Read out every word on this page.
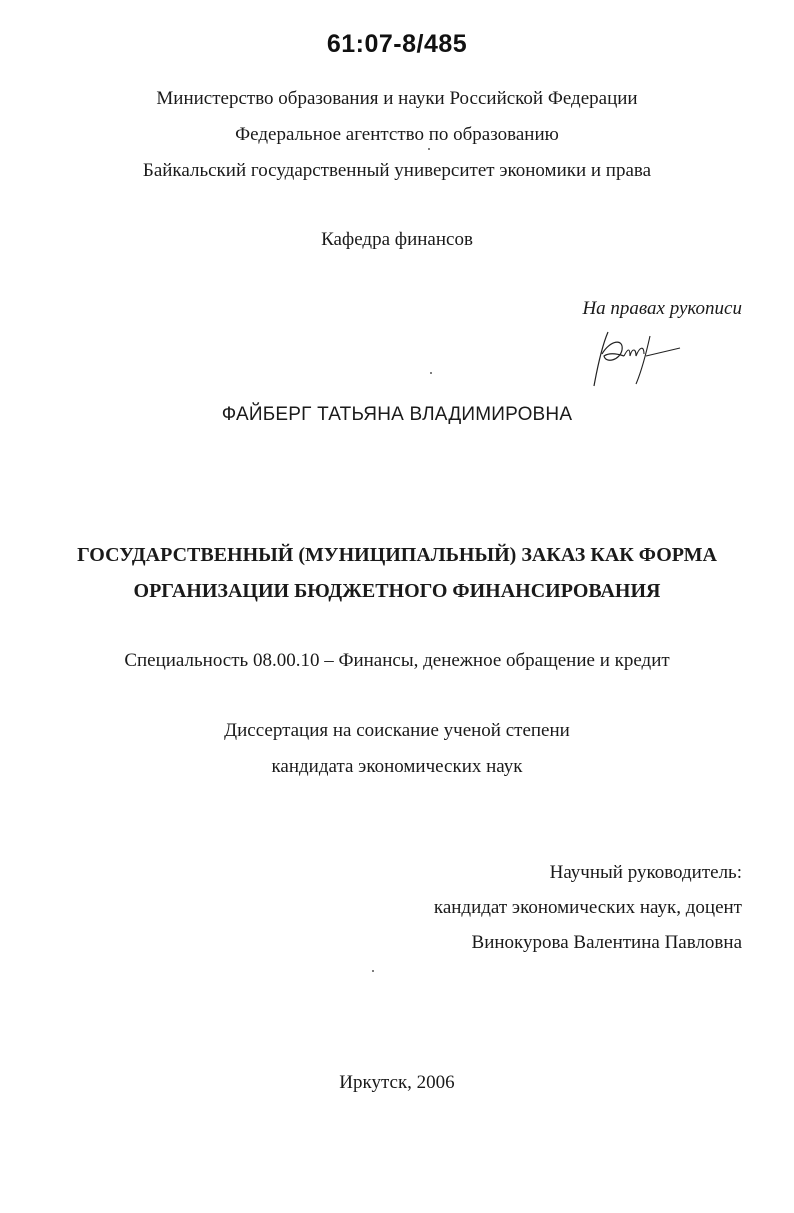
61:07-8/485
Министерство образования и науки Российской Федерации
Федеральное агентство по образованию
Байкальский государственный университет экономики и права
Кафедра финансов
На правах рукописи
ФАЙБЕРГ ТАТЬЯНА ВЛАДИМИРОВНА
ГОСУДАРСТВЕННЫЙ (МУНИЦИПАЛЬНЫЙ) ЗАКАЗ КАК ФОРМА
ОРГАНИЗАЦИИ БЮДЖЕТНОГО ФИНАНСИРОВАНИЯ
Специальность 08.00.10 – Финансы, денежное обращение и кредит
Диссертация на соискание ученой степени
кандидата экономических наук
Научный руководитель:
кандидат экономических наук, доцент
Винокурова Валентина Павловна
Иркутск, 2006
